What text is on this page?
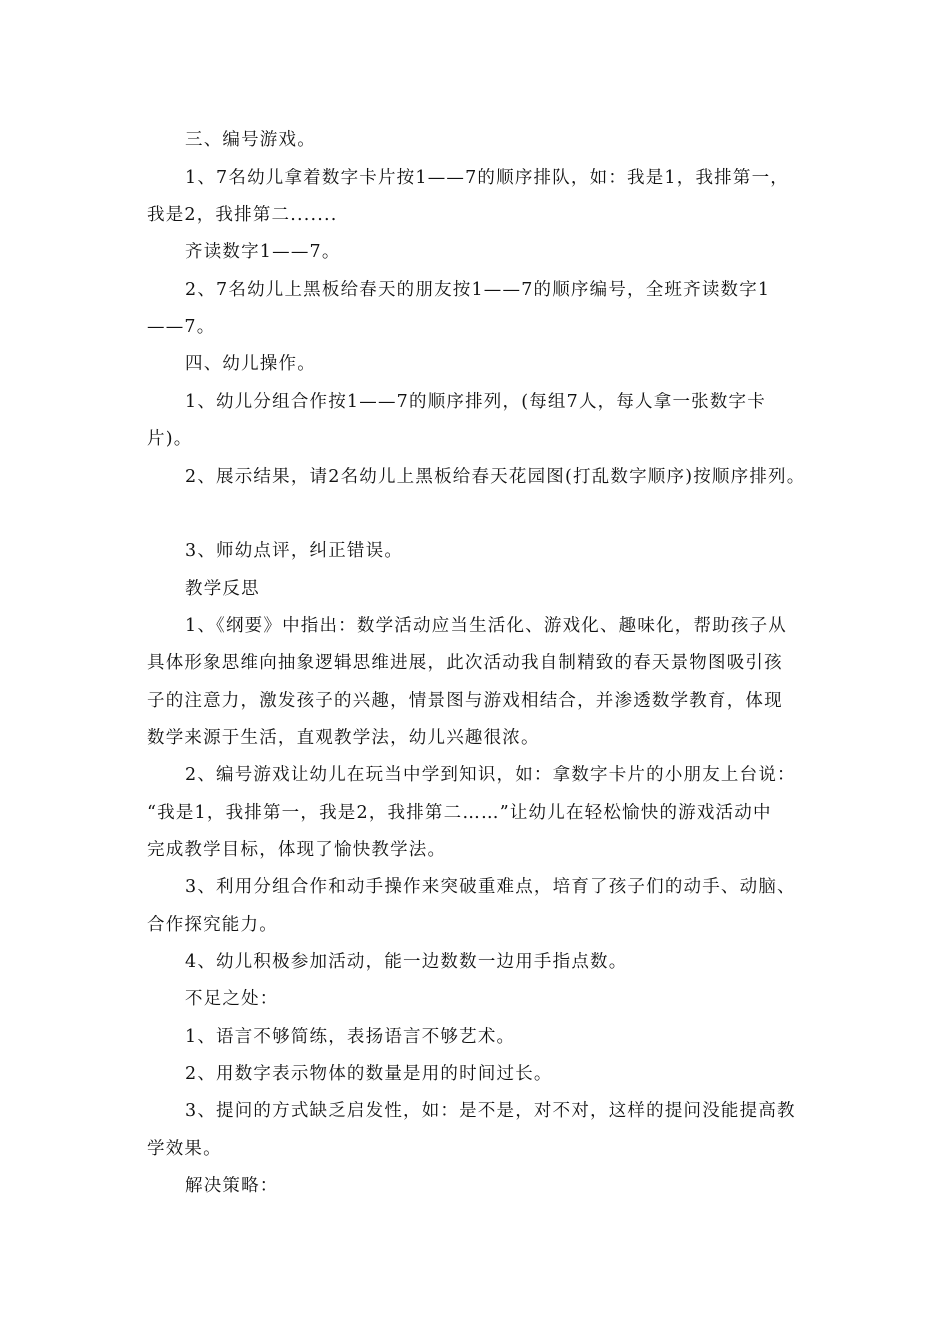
三、编号游戏。
1、7名幼儿拿着数字卡片按1——7的顺序排队，如：我是1，我排第一，
我是2，我排第二.......
齐读数字1——7。
2、7名幼儿上黑板给春天的朋友按1——7的顺序编号，全班齐读数字1
——7。
四、幼儿操作。
1、幼儿分组合作按1——7的顺序排列，(每组7人，每人拿一张数字卡
片)。
2、展示结果，请2名幼儿上黑板给春天花园图(打乱数字顺序)按顺序排列。
3、师幼点评，纠正错误。
教学反思
1、《纲要》中指出：数学活动应当生活化、游戏化、趣味化，帮助孩子从
具体形象思维向抽象逻辑思维进展，此次活动我自制精致的春天景物图吸引孩
子的注意力，激发孩子的兴趣，情景图与游戏相结合，并渗透数学教育，体现
数学来源于生活，直观教学法，幼儿兴趣很浓。
2、编号游戏让幼儿在玩当中学到知识，如：拿数字卡片的小朋友上台说：
“我是1，我排第一，我是2，我排第二……”让幼儿在轻松愉快的游戏活动中
完成教学目标，体现了愉快教学法。
3、利用分组合作和动手操作来突破重难点，培育了孩子们的动手、动脑、
合作探究能力。
4、幼儿积极参加活动，能一边数数一边用手指点数。
不足之处：
1、语言不够简练，表扬语言不够艺术。
2、用数字表示物体的数量是用的时间过长。
3、提问的方式缺乏启发性，如：是不是，对不对，这样的提问没能提高教
学效果。
解决策略：
